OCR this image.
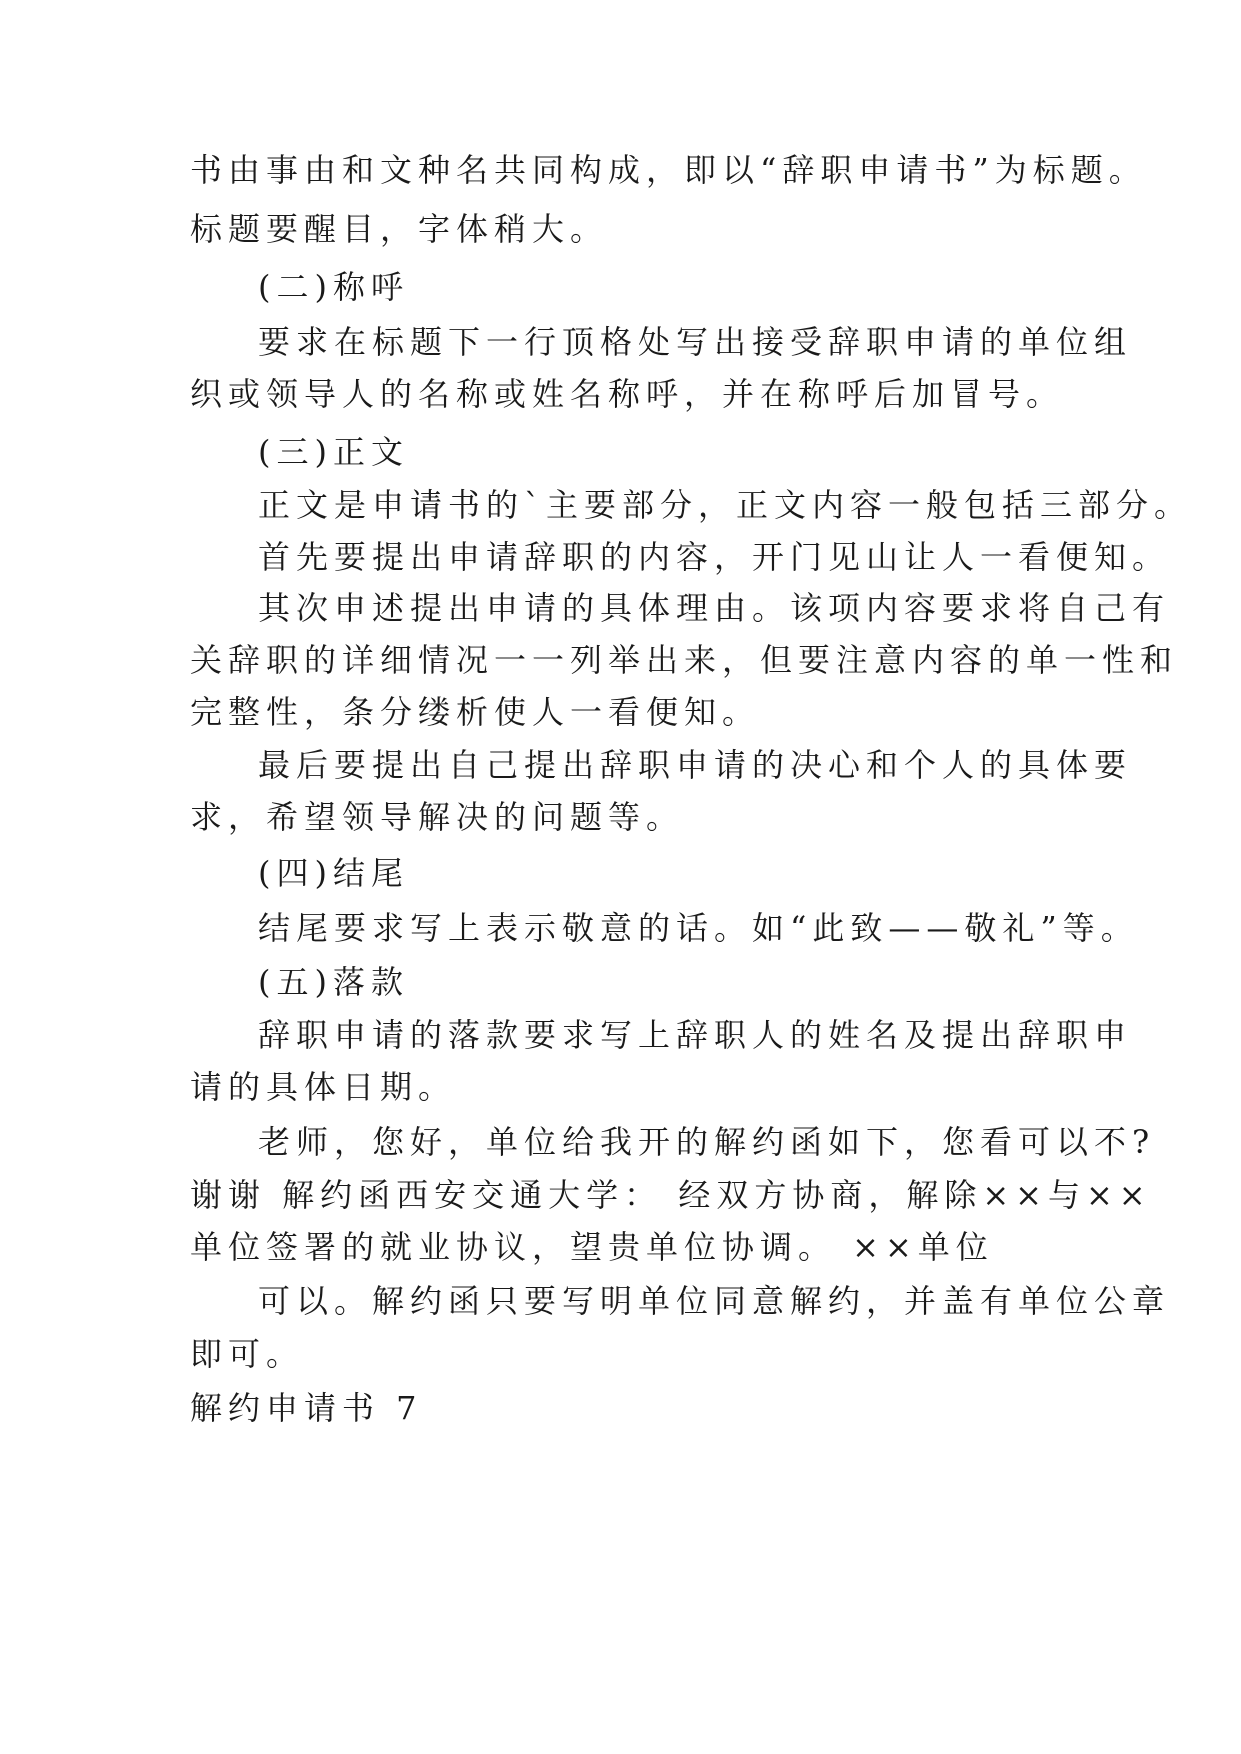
书由事由和文种名共同构成，即以“辞职申请书”为标题。
标题要醒目，字体稍大。
(二)称呼
要求在标题下一行顶格处写出接受辞职申请的单位组
织或领导人的名称或姓名称呼，并在称呼后加冒号。
(三)正文
正文是申请书的`主要部分，正文内容一般包括三部分。
首先要提出申请辞职的内容，开门见山让人一看便知。
其次申述提出申请的具体理由。该项内容要求将自己有
关辞职的详细情况一一列举出来，但要注意内容的单一性和
完整性，条分缕析使人一看便知。
最后要提出自己提出辞职申请的决心和个人的具体要
求，希望领导解决的问题等。
(四)结尾
结尾要求写上表示敬意的话。如“此致——敬礼”等。
(五)落款
辞职申请的落款要求写上辞职人的姓名及提出辞职申
请的具体日期。
老师，您好，单位给我开的解约函如下，您看可以不?
谢谢 解约函西安交通大学： 经双方协商，解除××与××
单位签署的就业协议，望贵单位协调。 ××单位
可以。解约函只要写明单位同意解约，并盖有单位公章
即可。
解约申请书 7
